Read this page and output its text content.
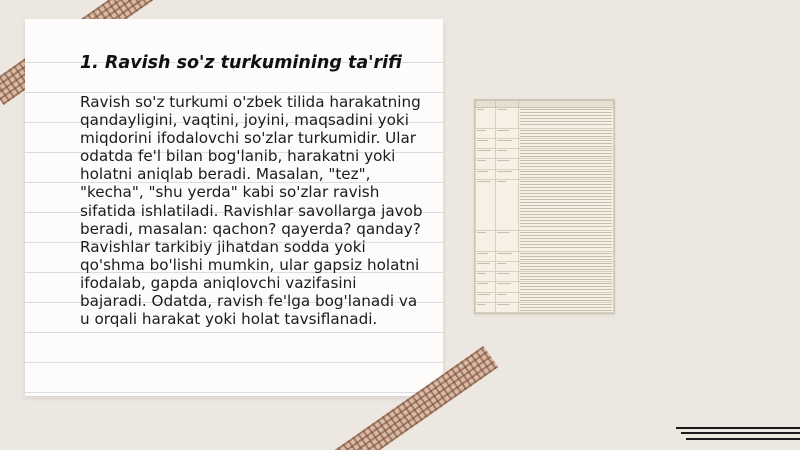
1. Ravish so'z turkumining ta'rifi

Ravish so'z turkumi o'zbek tilida harakatning qandayligini, vaqtini, joyini, maqsadini yoki miqdorini ifodalovchi so'zlar turkumidir. Ular odatda fe'l bilan bog'lanib, harakatni yoki holatni aniqlab beradi. Masalan, "tez", "kecha", "shu yerda" kabi so'zlar ravish sifatida ishlatiladi. Ravishlar savollarga javob beradi, masalan: qachon? qayerda? qanday? Ravishlar tarkibiy jihatdan sodda yoki qo'shma bo'lishi mumkin, ular gapsiz holatni ifodalab, gapda aniqlovchi vazifasini bajaradi. Odatda, ravish fe'lga bog'lanadi va u orqali harakat yoki holat tavsiflanadi.
